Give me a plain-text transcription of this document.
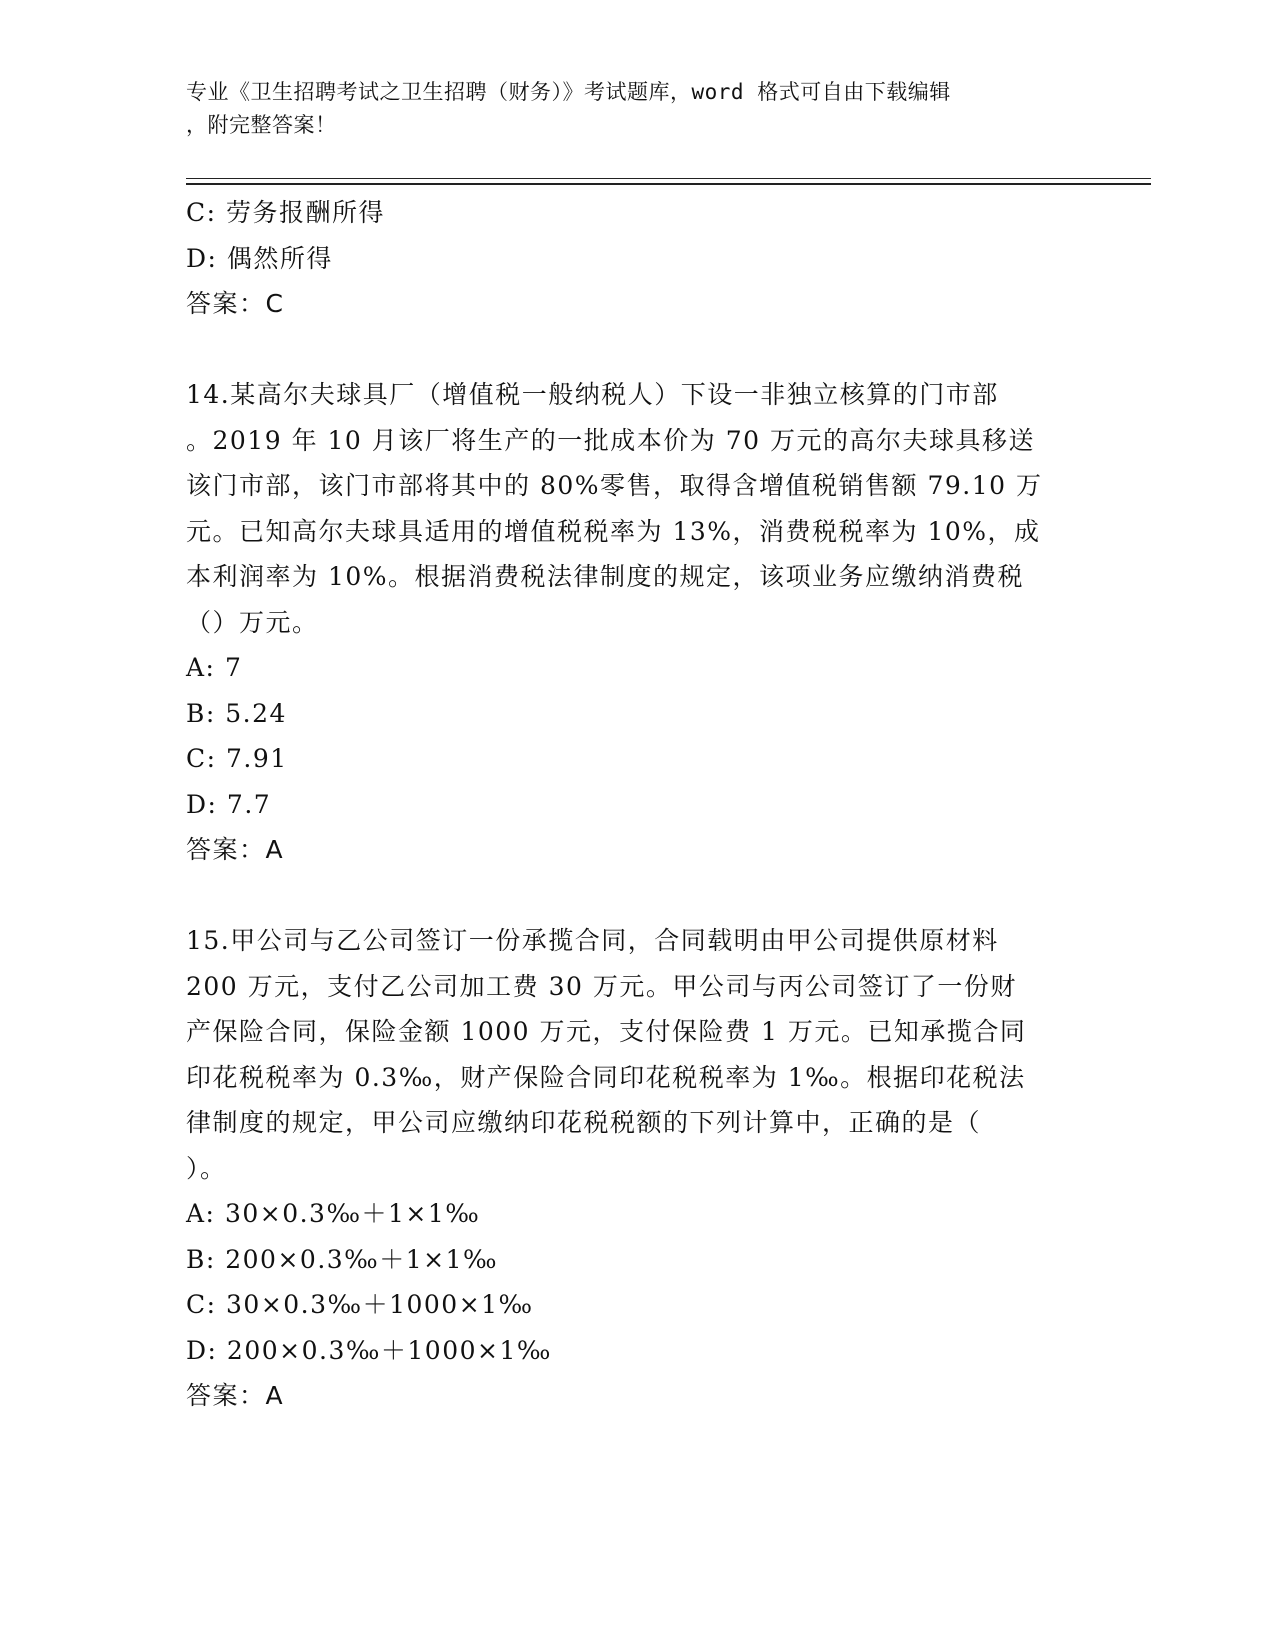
专业《卫生招聘考试之卫生招聘（财务）》考试题库，word 格式可自由下载编辑
，附完整答案！
C: 劳务报酬所得
D: 偶然所得
答案：C
14.某高尔夫球具厂（增值税一般纳税人）下设一非独立核算的门市部
。2019 年 10 月该厂将生产的一批成本价为 70 万元的高尔夫球具移送
该门市部，该门市部将其中的 80%零售，取得含增值税销售额 79.10 万
元。已知高尔夫球具适用的增值税税率为 13%，消费税税率为 10%，成
本利润率为 10%。根据消费税法律制度的规定，该项业务应缴纳消费税
（）万元。
A: 7
B: 5.24
C: 7.91
D: 7.7
答案：A
15.甲公司与乙公司签订一份承揽合同，合同载明由甲公司提供原材料
200 万元，支付乙公司加工费 30 万元。甲公司与丙公司签订了一份财
产保险合同，保险金额 1000 万元，支付保险费 1 万元。已知承揽合同
印花税税率为 0.3‰，财产保险合同印花税税率为 1‰。根据印花税法
律制度的规定，甲公司应缴纳印花税税额的下列计算中，正确的是（
）。
A: 30×0.3‰＋1×1‰
B: 200×0.3‰＋1×1‰
C: 30×0.3‰＋1000×1‰
D: 200×0.3‰＋1000×1‰
答案：A
